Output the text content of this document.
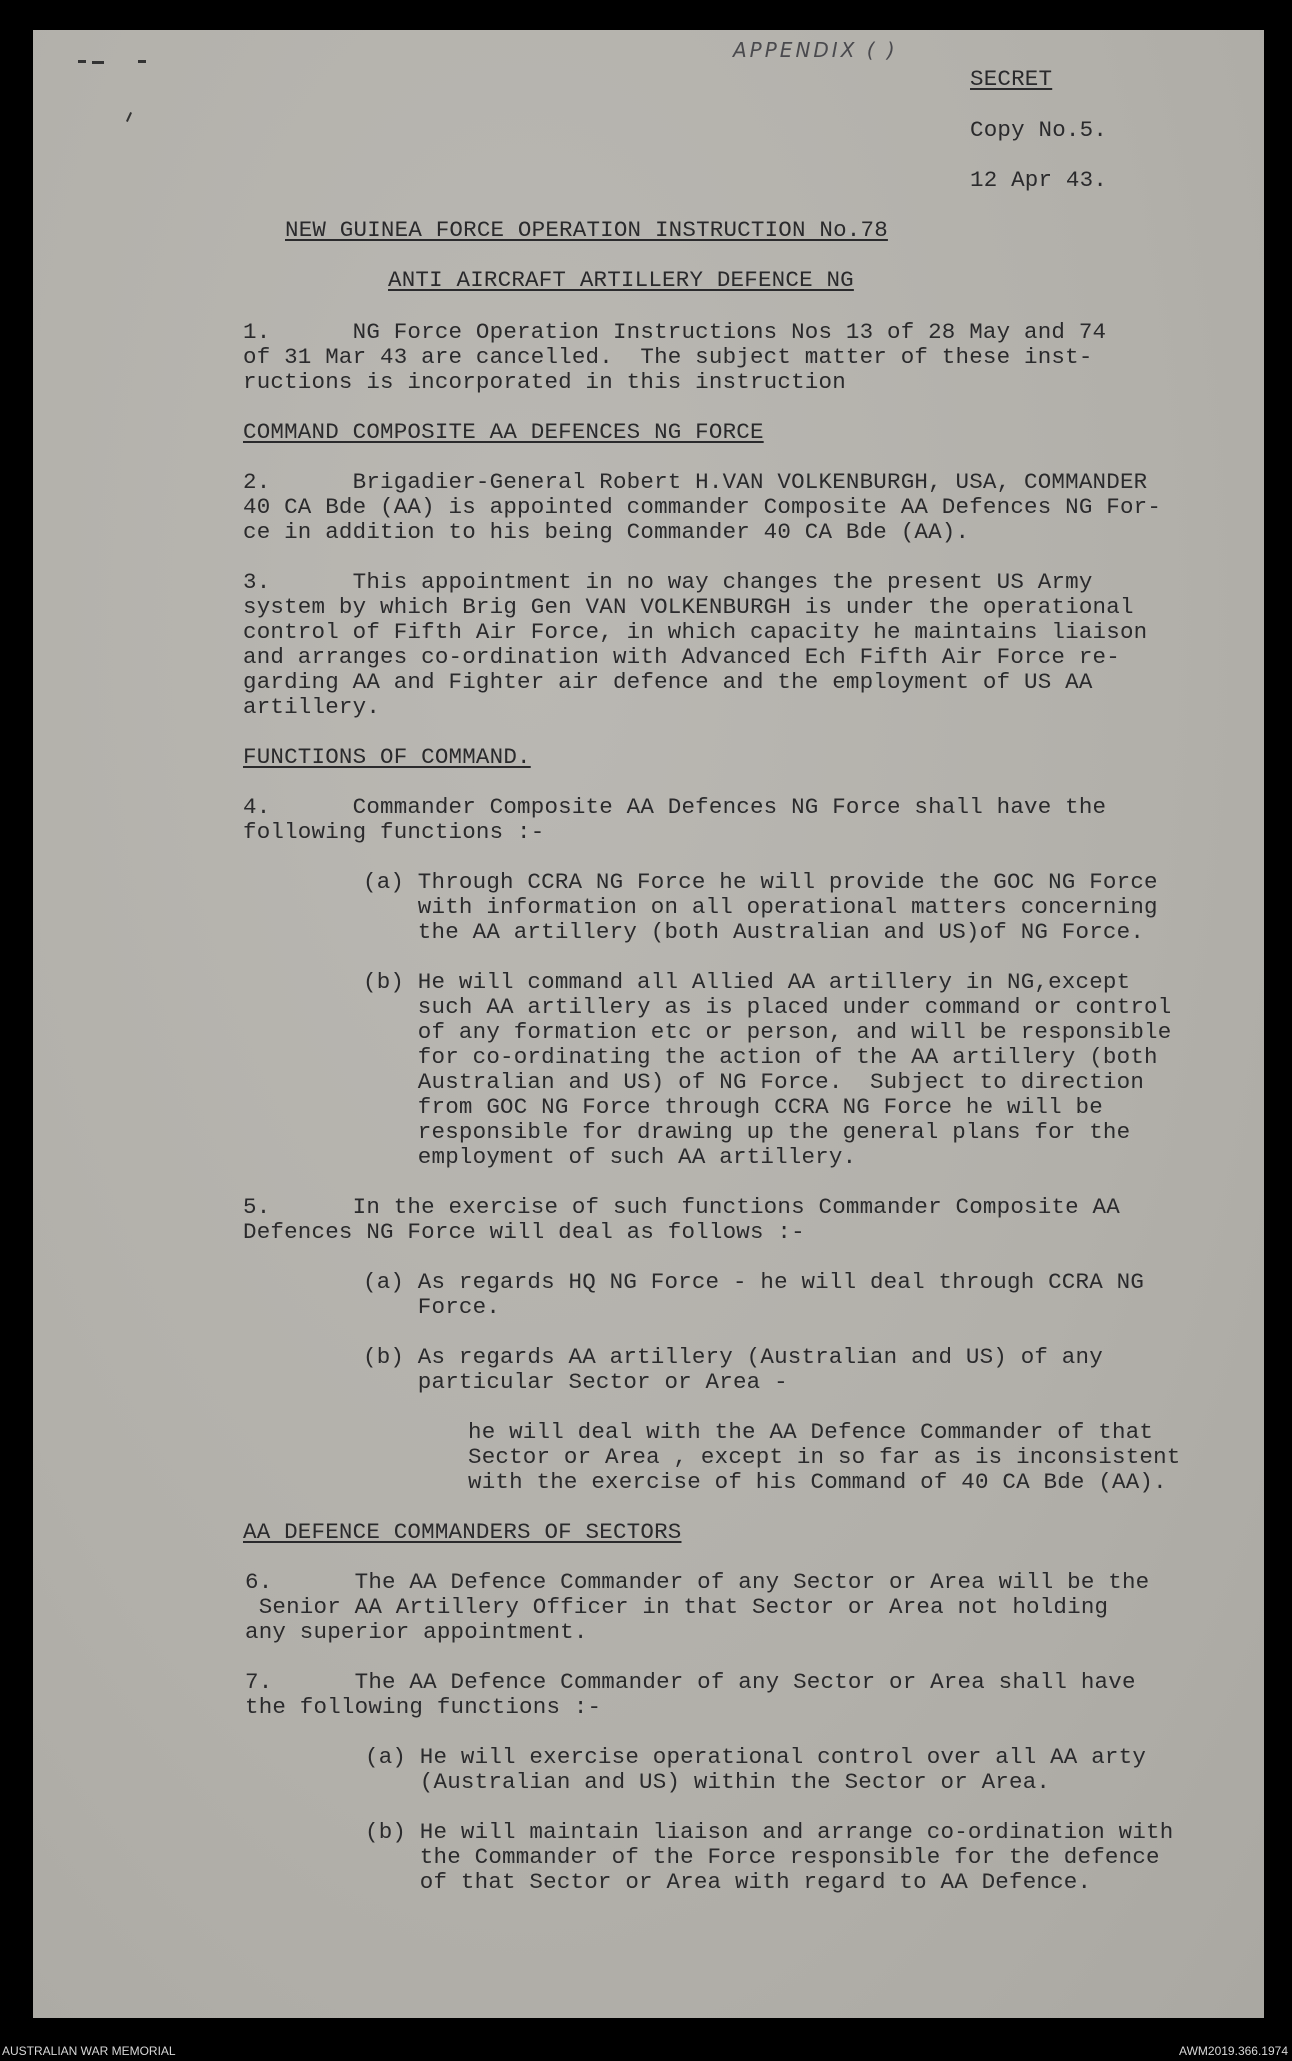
APPENDIX ( )
SECRET
Copy No.5.
12 Apr 43.
NEW GUINEA FORCE OPERATION INSTRUCTION No.78
ANTI AIRCRAFT ARTILLERY DEFENCE NG
1.      NG Force Operation Instructions Nos 13 of 28 May and 74
of 31 Mar 43 are cancelled.  The subject matter of these inst-
ructions is incorporated in this instruction
COMMAND COMPOSITE AA DEFENCES NG FORCE
2.      Brigadier-General Robert H.VAN VOLKENBURGH, USA, COMMANDER
40 CA Bde (AA) is appointed commander Composite AA Defences NG For-
ce in addition to his being Commander 40 CA Bde (AA).
3.      This appointment in no way changes the present US Army
system by which Brig Gen VAN VOLKENBURGH is under the operational
control of Fifth Air Force, in which capacity he maintains liaison
and arranges co-ordination with Advanced Ech Fifth Air Force re-
garding AA and Fighter air defence and the employment of US AA
artillery.
FUNCTIONS OF COMMAND.
4.      Commander Composite AA Defences NG Force shall have the
following functions :-
(a) Through CCRA NG Force he will provide the GOC NG Force
with information on all operational matters concerning
the AA artillery (both Australian and US)of NG Force.
(b) He will command all Allied AA artillery in NG,except
such AA artillery as is placed under command or control
of any formation etc or person, and will be responsible
for co-ordinating the action of the AA artillery (both
Australian and US) of NG Force.  Subject to direction
from GOC NG Force through CCRA NG Force he will be
responsible for drawing up the general plans for the
employment of such AA artillery.
5.      In the exercise of such functions Commander Composite AA
Defences NG Force will deal as follows :-
(a) As regards HQ NG Force - he will deal through CCRA NG
Force.
(b) As regards AA artillery (Australian and US) of any
particular Sector or Area -
he will deal with the AA Defence Commander of that
Sector or Area , except in so far as is inconsistent
with the exercise of his Command of 40 CA Bde (AA).
AA DEFENCE COMMANDERS OF SECTORS
6.      The AA Defence Commander of any Sector or Area will be the
Senior AA Artillery Officer in that Sector or Area not holding
any superior appointment.
7.      The AA Defence Commander of any Sector or Area shall have
the following functions :-
(a) He will exercise operational control over all AA arty
(Australian and US) within the Sector or Area.
(b) He will maintain liaison and arrange co-ordination with
the Commander of the Force responsible for the defence
of that Sector or Area with regard to AA Defence.
AUSTRALIAN WAR MEMORIAL	AWM2019.366.1974
